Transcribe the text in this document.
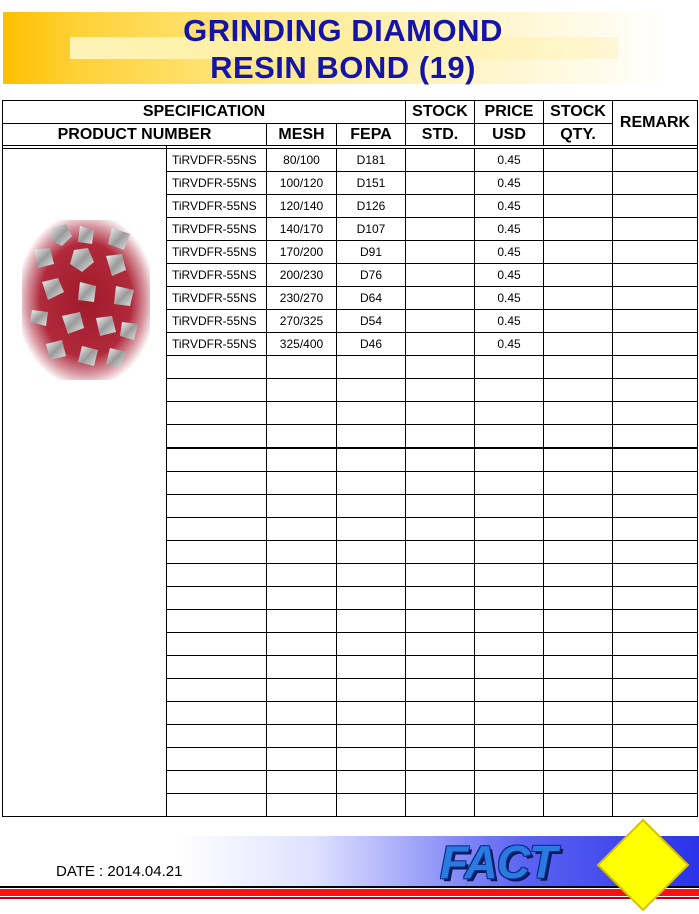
GRINDING DIAMOND
RESIN BOND (19)
SPECIFICATION				STOCK	PRICE	STOCK	REMARK
PRODUCT NUMBER		MESH	FEPA	STD.	USD	QTY.	

	TiRVDFR-55NS	80/100	D181		0.45		
	TiRVDFR-55NS	100/120	D151		0.45		
	TiRVDFR-55NS	120/140	D126		0.45		
	TiRVDFR-55NS	140/170	D107		0.45		
	TiRVDFR-55NS	170/200	D91		0.45		
	TiRVDFR-55NS	200/230	D76		0.45		
	TiRVDFR-55NS	230/270	D64		0.45		
	TiRVDFR-55NS	270/325	D54		0.45		
	TiRVDFR-55NS	325/400	D46		0.45		

DATE : 2014.04.21	FACT
